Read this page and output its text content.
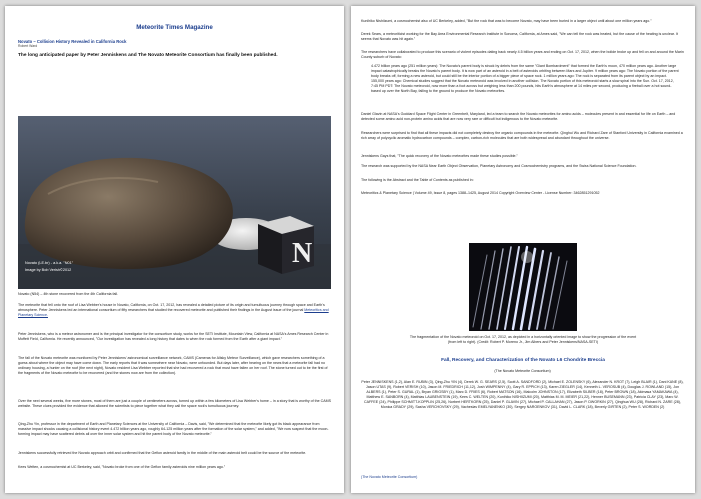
Meteorite Times Magazine
Novato – Collision History Revealed in California Rock
Robert Ward
The long anticipated paper by Peter Jenniskens and The Novato Meteorite Consortium has finally been published.
N
Novato (LE.br) - a.k.a. "N01"
Image by Bob Verish©2012
Novato (N54) – 4th stone recovered from the 4th California fall.
The meteorite that fell onto the roof of Lisa Webber's house in Novato, California, on Oct. 17, 2012, has revealed a detailed picture of its origin and tumultuous journey through space and Earth's atmosphere. Peter Jenniskens led an international consortium of fifty researchers that studied the recovered meteorite and published their findings in the August issue of the journal Meteoritics and Planetary Science.
Peter Jenniskens, who is a meteor astronomer and is the principal investigator for the consortium study, works for the SETI Institute, Mountain View, California at NASA's Ames Research Center in Moffett Field, California. He recently announced, "Our investigation has revealed a long history that dates to when the rock formed from the Earth after a giant impact."
The fall of the Novato meteorite was monitored by Peter Jenniskens' astronomical surveillance network, CAMS (Cameras for Allsky Meteor Surveillance), which gave researchers something of a guess about where the object may have come down. The early reports that it was somewhere near Novato, were unfounded. But days later, after hearing on the news that a meteorite fall had no ordinary housing, a hunter on the roof (the next night), Novato resident Lisa Webber reported that she had recovered a rock that must have fallen on her roof. The stone turned out to be the first of the fragments of the Novato meteorite to be recovered (and the stones now are from the collection).
Over the next several weeks, five more stones, most of them are just a couple of centimeters across, turned up within a few kilometers of Lisa Webber's home – in a story that is worthy of the CAMS website. These clues provided the evidence that allowed the scientists to piece together what they call the space rock's tumultuous journey.
Qing-Zhu Yin, professor in the department of Earth and Planetary Sciences at the University of California – Davis, said, "We determined that the meteorite likely got its black appearance from massive impact shocks causing a collisional history event 4.472 billion years ago, roughly 64-125 million years after the formation of the solar system," and added, "We now suspect that the moon-forming impact may have scattered debris all over the inner solar system and hit the parent body of the Novato meteorite."
Jenniskens successfully retrieved the Novato approach orbit and confirmed that the Gefion asteroid family in the middle of the main asteroid belt could be the source of the meteorite.
Kees Welten, a cosmochemist at UC Berkeley, said, "Novato broke from one of the Gefion family asteroids nine million years ago."
Kunihiko Nishiizumi, a cosmochemist also of UC Berkeley, added, "But the rock that was to become Novato, may have been buried in a larger object until about one million years ago."
Derek Sears, a meteoriticist working for the Bay Area Environmental Research Institute in Sonoma, California, at Ames said, "We can tell the rock was heated, but the cause of the heating is unclear. It seems that Novato was hit again."
The researchers have collaborated to produce this scenario of violent episodes dating back nearly 4.5 billion years and ending on Oct. 17, 2012, when the bolide broke up and fell on and around the Marin County suburb of Novato:
4.472 billion years ago (251 million years): The Novato's parent body is struck by debris from the same "Giant Bombardment" that formed the Earth's moon, 470 million years ago. Another large impact catastrophically breaks the Novato's parent body. It is now part of an asteroid in a belt of asteroids orbiting between Mars and Jupiter. 9 million years ago: The Novato portion of the parent body breaks off, forming a new asteroid, but could still be the interior portion of a bigger piece of space rock. 1 million years ago: The rock is separated from its parent object by an impact. 155,000 years ago: Chemical studies suggest that the Novato meteoroid was involved in another collision. The Novato portion of this meteoroid starts a slow spiral into the Sun. Oct. 17, 2012, 7:45 PM PDT: The Novato meteoroid, now more than a foot across but weighing less than 200 pounds, hits Earth's atmosphere at 14 miles per second, producing a fireball over a hot sound-based up over the North Bay, falling to the ground to produce the Novato meteorites.
Daniel Glavin at NASA's Goddard Space Flight Center in Greenbelt, Maryland, led a team to search the Novato meteorites for amino acids – molecules present in and essential for life on Earth – and detected some amino acid non-protein amino acids that are now very rare or difficult but indigenous to the Novato meteorite.
Researchers were surprised to find that all these impacts did not completely destroy the organic compounds in the meteorite. Qinghui Wu and Richard Zare of Stanford University in California examined a rich array of polycyclic aromatic hydrocarbon compounds – complex, carbon-rich molecules that are both widespread and abundant throughout the universe.
Jenniskens Gays that, "The quick recovery of the Novato meteorites made these studies possible."
The research was supported by the NASA Near Earth Object Observation, Planetary Astronomy and Cosmochemistry programs, and the Swiss National Science Foundation.
The following is the Abstract and the Table of Contents as published in:
Meteoritics & Planetary Science | Volume 49, Issue 8, pages 1388–1425, August 2014 Copyright Overview Center - License Number: 3462851291052
The fragmentation of the Novato meteoroid on Oct. 17, 2012, as depicted in a horizontally oriented image to show the progression of the event (from left to right). (Credit: Robert P. Moreno Jr., Jim Albers and Peter Jenniskens/NASA-SETI)
Fall, Recovery, and Characterization of the Novato L6 Chondrite Breccia
(The Novato Meteorite Consortium)
Peter JENNISKENS (1,2), Alan E. RUBIN (3), Qing-Zhu YIN (4), Derek W. G. SEARS (2,5), Scott A. SANDFORD (2), Michael E. ZOLENSKY (6), Alexander N. KROT (7), Leigh BLAIR (1), Dani KANE (8), Jason UTAS (9), Robert VERISH (10), Jason M. FRIEDRICH (11,12), Josh WIMPENNY (4), Gary R. EPPICH (13), Karen ZIEGLER (14), Kenneth L. VEROSUB (4), Douglas J. ROWLAND (15), Jon ALBERS (1), Peter S. GURAL (1), Bryan GRIGSBY (1), Marc D. FRIES (6), Robert MATSON (16), Malcolm JOHNSTON (17), Elizabeth SILBER (18), Peter BROWN (18), Akimasa YAMAKAWA (4), Matthew E. SANBORN (4), Matthias LAUBENSTEIN (19), Kees C. WELTEN (20), Kunihiko NISHIIZUMI (20), Matthias M. M. MEIER (21,22), Henner BUSEMANN (23), Patricia CLAY (23), Marc W. CAFFEE (24), Philippe SCHMITT-KOPPLIN (25,26), Norbert HERTKORN (25), Daniel P. GLAVIN (27), Michael P. CALLAHAN (27), Jason P. DWORKIN (27), Qinghua WU (28), Richard N. ZARE (28), Monica GRADY (29), Sasha VERCHOVSKY (29), Vacheslav EMELYANENKO (30), Sergey NAROENKOV (31), David L. CLARK (18), Beverly GIRTEN (2), Peter S. WORDEN (2)
(The Novato Meteorite Consortium)
